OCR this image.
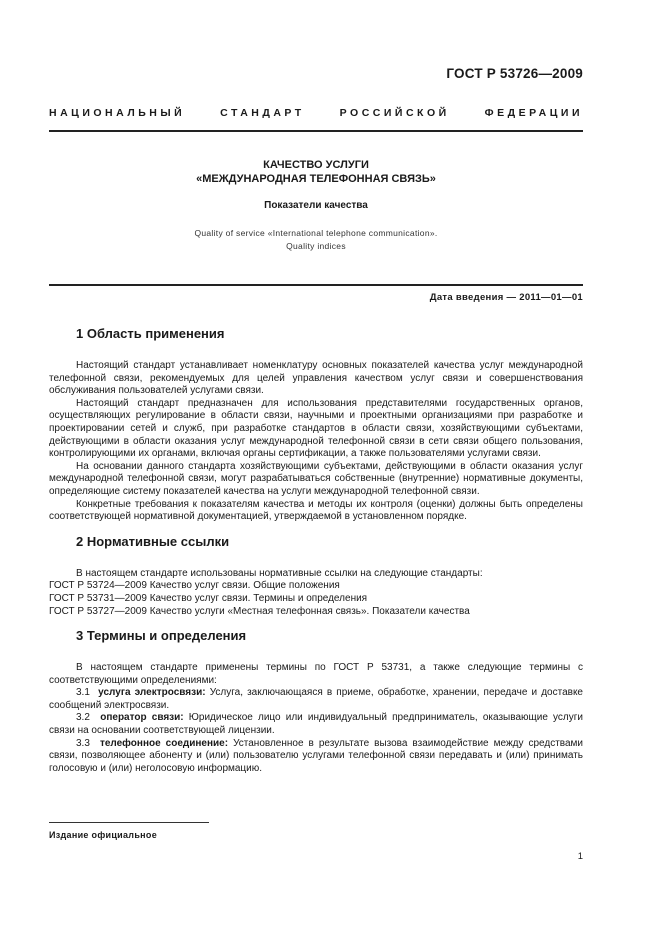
ГОСТ Р 53726—2009
НАЦИОНАЛЬНЫЙ СТАНДАРТ РОССИЙСКОЙ ФЕДЕРАЦИИ
КАЧЕСТВО УСЛУГИ
«МЕЖДУНАРОДНАЯ ТЕЛЕФОННАЯ СВЯЗЬ»
Показатели качества
Quality of service «International telephone communication».
Quality indices
Дата введения — 2011—01—01
1 Область применения

Настоящий стандарт устанавливает номенклатуру основных показателей качества услуг международной телефонной связи, рекомендуемых для целей управления качеством услуг связи и совершенствования обслуживания пользователей услугами связи.

Настоящий стандарт предназначен для использования представителями государственных органов, осуществляющих регулирование в области связи, научными и проектными организациями при разработке и проектировании сетей и служб, при разработке стандартов в области связи, хозяйствующими субъектами, действующими в области оказания услуг международной телефонной связи в сети связи общего пользования, контролирующими их органами, включая органы сертификации, а также пользователями услугами связи.

На основании данного стандарта хозяйствующими субъектами, действующими в области оказания услуг международной телефонной связи, могут разрабатываться собственные (внутренние) нормативные документы, определяющие систему показателей качества на услуги международной телефонной связи.

Конкретные требования к показателям качества и методы их контроля (оценки) должны быть определены соответствующей нормативной документацией, утверждаемой в установленном порядке.

2 Нормативные ссылки

В настоящем стандарте использованы нормативные ссылки на следующие стандарты:

ГОСТ Р 53724—2009 Качество услуг связи. Общие положения

ГОСТ Р 53731—2009 Качество услуг связи. Термины и определения

ГОСТ Р 53727—2009 Качество услуги «Местная телефонная связь». Показатели качества

3 Термины и определения

В настоящем стандарте применены термины по ГОСТ Р 53731, а также следующие термины с соответствующими определениями:

3.1 услуга электросвязи: Услуга, заключающаяся в приеме, обработке, хранении, передаче и доставке сообщений электросвязи.

3.2 оператор связи: Юридическое лицо или индивидуальный предприниматель, оказывающие услуги связи на основании соответствующей лицензии.

3.3 телефонное соединение: Установленное в результате вызова взаимодействие между средствами связи, позволяющее абоненту и (или) пользователю услугами телефонной связи передавать и (или) принимать голосовую и (или) неголосовую информацию.

Издание официальное
1
